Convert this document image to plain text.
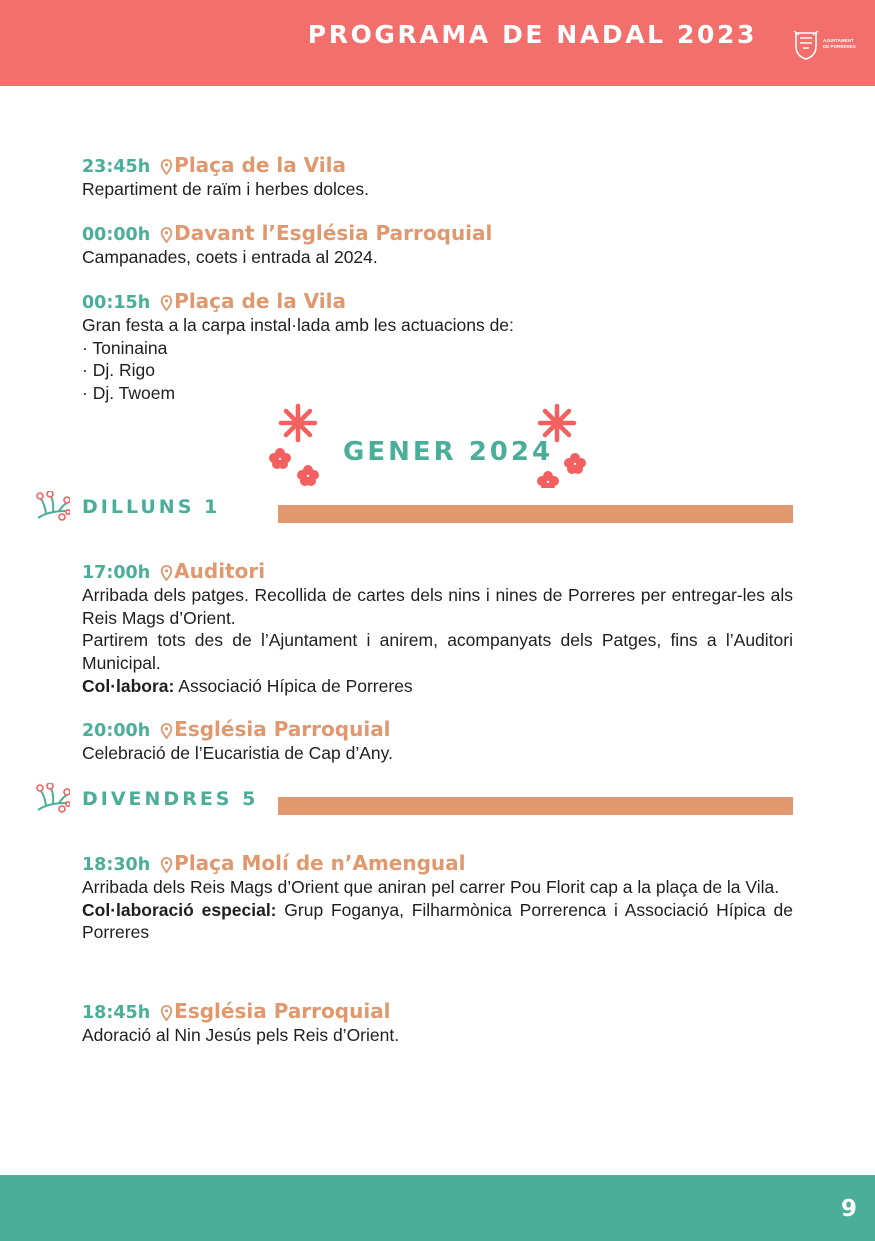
PROGRAMA DE NADAL 2023	AJUNTAMENT
DE PORRERES
23:45h Plaça de la Vila

Repartiment de raïm i herbes dolces.

00:00h Davant l’Església Parroquial

Campanades, coets i entrada al 2024.

00:15h Plaça de la Vila

Gran festa a la carpa instal·lada amb les actuacions de:

· Toninaina

· Dj. Rigo

· Dj. Twoem

GENER 2024
DILLUNS 1
17:00h Auditori

Arribada dels patges. Recollida de cartes dels nins i nines de Porreres per entregar-les als Reis Mags d’Orient.

Partirem tots des de l’Ajuntament i anirem, acompanyats dels Patges, fins a l’Auditori Municipal.

Col·labora: Associació Hípica de Porreres

20:00h Església Parroquial

Celebració de l’Eucaristia de Cap d’Any.

DIVENDRES 5
18:30h Plaça Molí de n’Amengual

Arribada dels Reis Mags d’Orient que aniran pel carrer Pou Florit cap a la plaça de la Vila.

Col·laboració especial: Grup Foganya, Filharmònica Porrerenca i Associació Hípica de Porreres

18:45h Església Parroquial

Adoració al Nin Jesús pels Reis d’Orient.

9
